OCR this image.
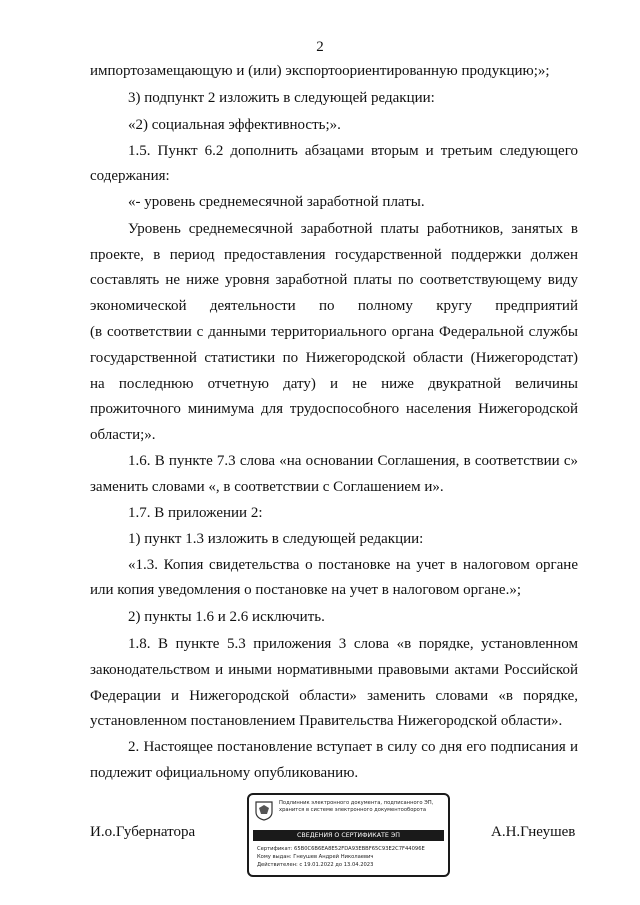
2
импортозамещающую и (или) экспортоориентированную продукцию;»;
3) подпункт 2 изложить в следующей редакции:
«2) социальная эффективность;».
1.5. Пункт 6.2 дополнить абзацами вторым и третьим следующего
содержания:
«- уровень среднемесячной заработной платы.
Уровень среднемесячной заработной платы работников, занятых в
проекте, в период предоставления государственной поддержки должен
составлять не ниже уровня заработной платы по соответствующему виду
экономической деятельности по полному кругу предприятий
(в соответствии с данными территориального органа Федеральной службы
государственной статистики по Нижегородской области (Нижегородстат)
на последнюю отчетную дату) и не ниже двукратной величины
прожиточного минимума для трудоспособного населения Нижегородской
области;».
1.6. В пункте 7.3 слова «на основании Соглашения, в соответствии с»
заменить словами «, в соответствии с Соглашением и».
1.7. В приложении 2:
1) пункт 1.3 изложить в следующей редакции:
«1.3. Копия свидетельства о постановке на учет в налоговом органе
или копия уведомления о постановке на учет в налоговом органе.»;
2) пункты 1.6 и 2.6 исключить.
1.8. В пункте 5.3 приложения 3 слова «в порядке, установленном
законодательством и иными нормативными правовыми актами Российской
Федерации и Нижегородской области» заменить словами «в порядке,
установленном постановлением Правительства Нижегородской области».
2. Настоящее постановление вступает в силу со дня его подписания и
подлежит официальному опубликованию.
И.о.Губернатора	А.Н.Гнеушев
Подлинник электронного документа, подписанного ЭП, хранится в системе электронного документооборота
СВЕДЕНИЯ О СЕРТИФИКАТЕ ЭП
Сертификат: 65B0C6B6EA8E52FDA93EBBF65C93E2C7F44096E
Кому выдан: Гнеушев Андрей Николаевич
Действителен: с 19.01.2022 до 13.04.2023
